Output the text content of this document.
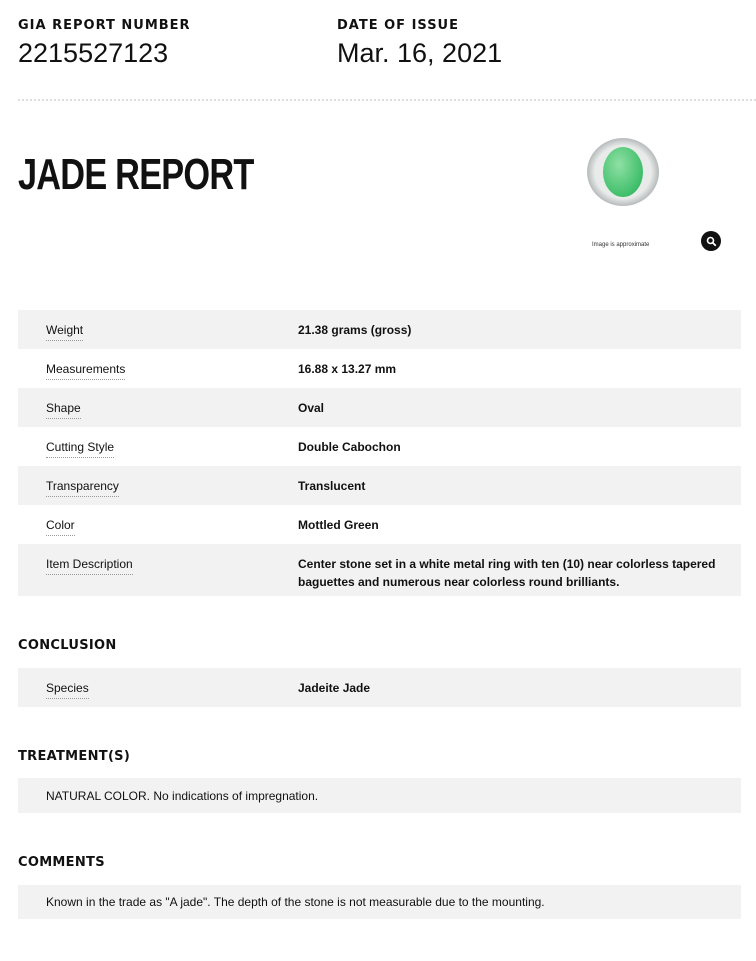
GIA REPORT NUMBER
2215527123
DATE OF ISSUE
Mar. 16, 2021
JADE REPORT
Image is approximate
Weight	21.38 grams (gross)
Measurements	16.88 x 13.27 mm
Shape	Oval
Cutting Style	Double Cabochon
Transparency	Translucent
Color	Mottled Green
Item Description	Center stone set in a white metal ring with ten (10) near colorless tapered baguettes and numerous near colorless round brilliants.
CONCLUSION
Species	Jadeite Jade
TREATMENT(S)
NATURAL COLOR. No indications of impregnation.
COMMENTS
Known in the trade as "A jade". The depth of the stone is not measurable due to the mounting.
